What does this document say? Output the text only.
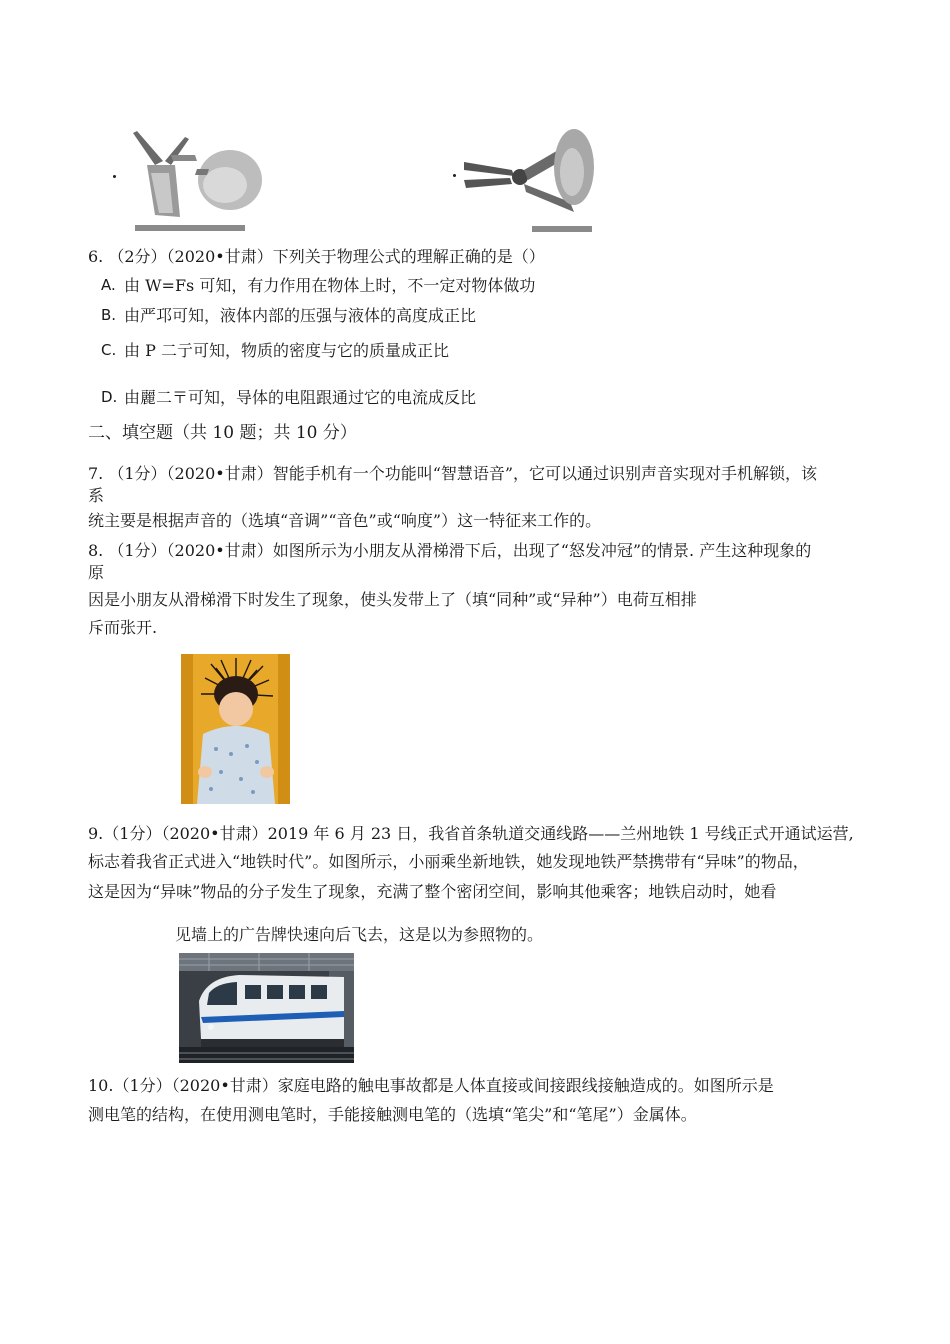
6. （2分）（2020•甘肃）下列关于物理公式的理解正确的是（）
A. 由 W=Fs 可知，有力作用在物体上时，不一定对物体做功
B. 由严邛可知，液体内部的压强与液体的高度成正比
C. 由 P 二亍可知，物质的密度与它的质量成正比
D. 由麗二〒可知，导体的电阻跟通过它的电流成反比
二、填空题（共 10 题；共 10 分）
7. （1分）（2020•甘肃）智能手机有一个功能叫“智慧语音”，它可以通过识别声音实现对手机解锁，该
系
统主要是根据声音的（选填“音调”“音色”或“响度”）这一特征来工作的。
8. （1分）（2020•甘肃）如图所示为小朋友从滑梯滑下后，出现了“怒发冲冠”的情景. 产生这种现象的
原
因是小朋友从滑梯滑下时发生了现象，使头发带上了（填“同种”或“异种”）电荷互相排
斥而张开.
9.（1分）（2020•甘肃）2019 年 6 月 23 日，我省首条轨道交通线路——兰州地铁 1 号线正式开通试运营,
标志着我省正式进入“地铁时代”。如图所示，小丽乘坐新地铁，她发现地铁严禁携带有“异味”的物品，
这是因为“异味”物品的分子发生了现象，充满了整个密闭空间，影响其他乘客；地铁启动时，她看
见墙上的广告牌快速向后飞去，这是以为参照物的。
10.（1分）（2020•甘肃）家庭电路的触电事故都是人体直接或间接跟线接触造成的。如图所示是
测电笔的结构，在使用测电笔时，手能接触测电笔的（选填“笔尖”和“笔尾”）金属体。
